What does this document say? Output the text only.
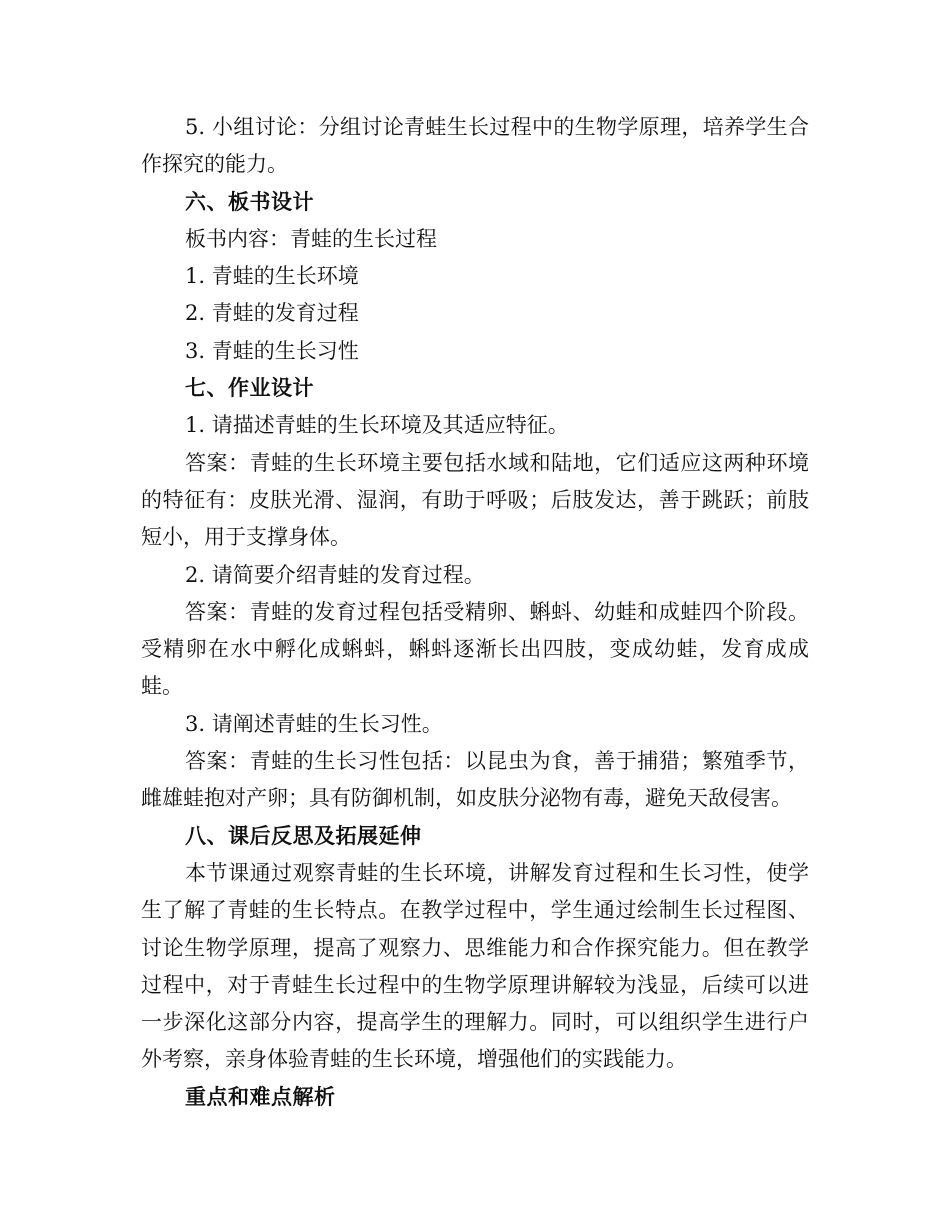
5. 小组讨论：分组讨论青蛙生长过程中的生物学原理，培养学生合作探究的能力。

六、板书设计

板书内容：青蛙的生长过程

1. 青蛙的生长环境

2. 青蛙的发育过程

3. 青蛙的生长习性

七、作业设计

1. 请描述青蛙的生长环境及其适应特征。

答案：青蛙的生长环境主要包括水域和陆地，它们适应这两种环境的特征有：皮肤光滑、湿润，有助于呼吸；后肢发达，善于跳跃；前肢短小，用于支撑身体。

2. 请简要介绍青蛙的发育过程。

答案：青蛙的发育过程包括受精卵、蝌蚪、幼蛙和成蛙四个阶段。受精卵在水中孵化成蝌蚪，蝌蚪逐渐长出四肢，变成幼蛙，发育成成蛙。

3. 请阐述青蛙的生长习性。

答案：青蛙的生长习性包括：以昆虫为食，善于捕猎；繁殖季节，雌雄蛙抱对产卵；具有防御机制，如皮肤分泌物有毒，避免天敌侵害。

八、课后反思及拓展延伸

本节课通过观察青蛙的生长环境，讲解发育过程和生长习性，使学生了解了青蛙的生长特点。在教学过程中，学生通过绘制生长过程图、讨论生物学原理，提高了观察力、思维能力和合作探究能力。但在教学过程中，对于青蛙生长过程中的生物学原理讲解较为浅显，后续可以进一步深化这部分内容，提高学生的理解力。同时，可以组织学生进行户外考察，亲身体验青蛙的生长环境，增强他们的实践能力。

重点和难点解析
